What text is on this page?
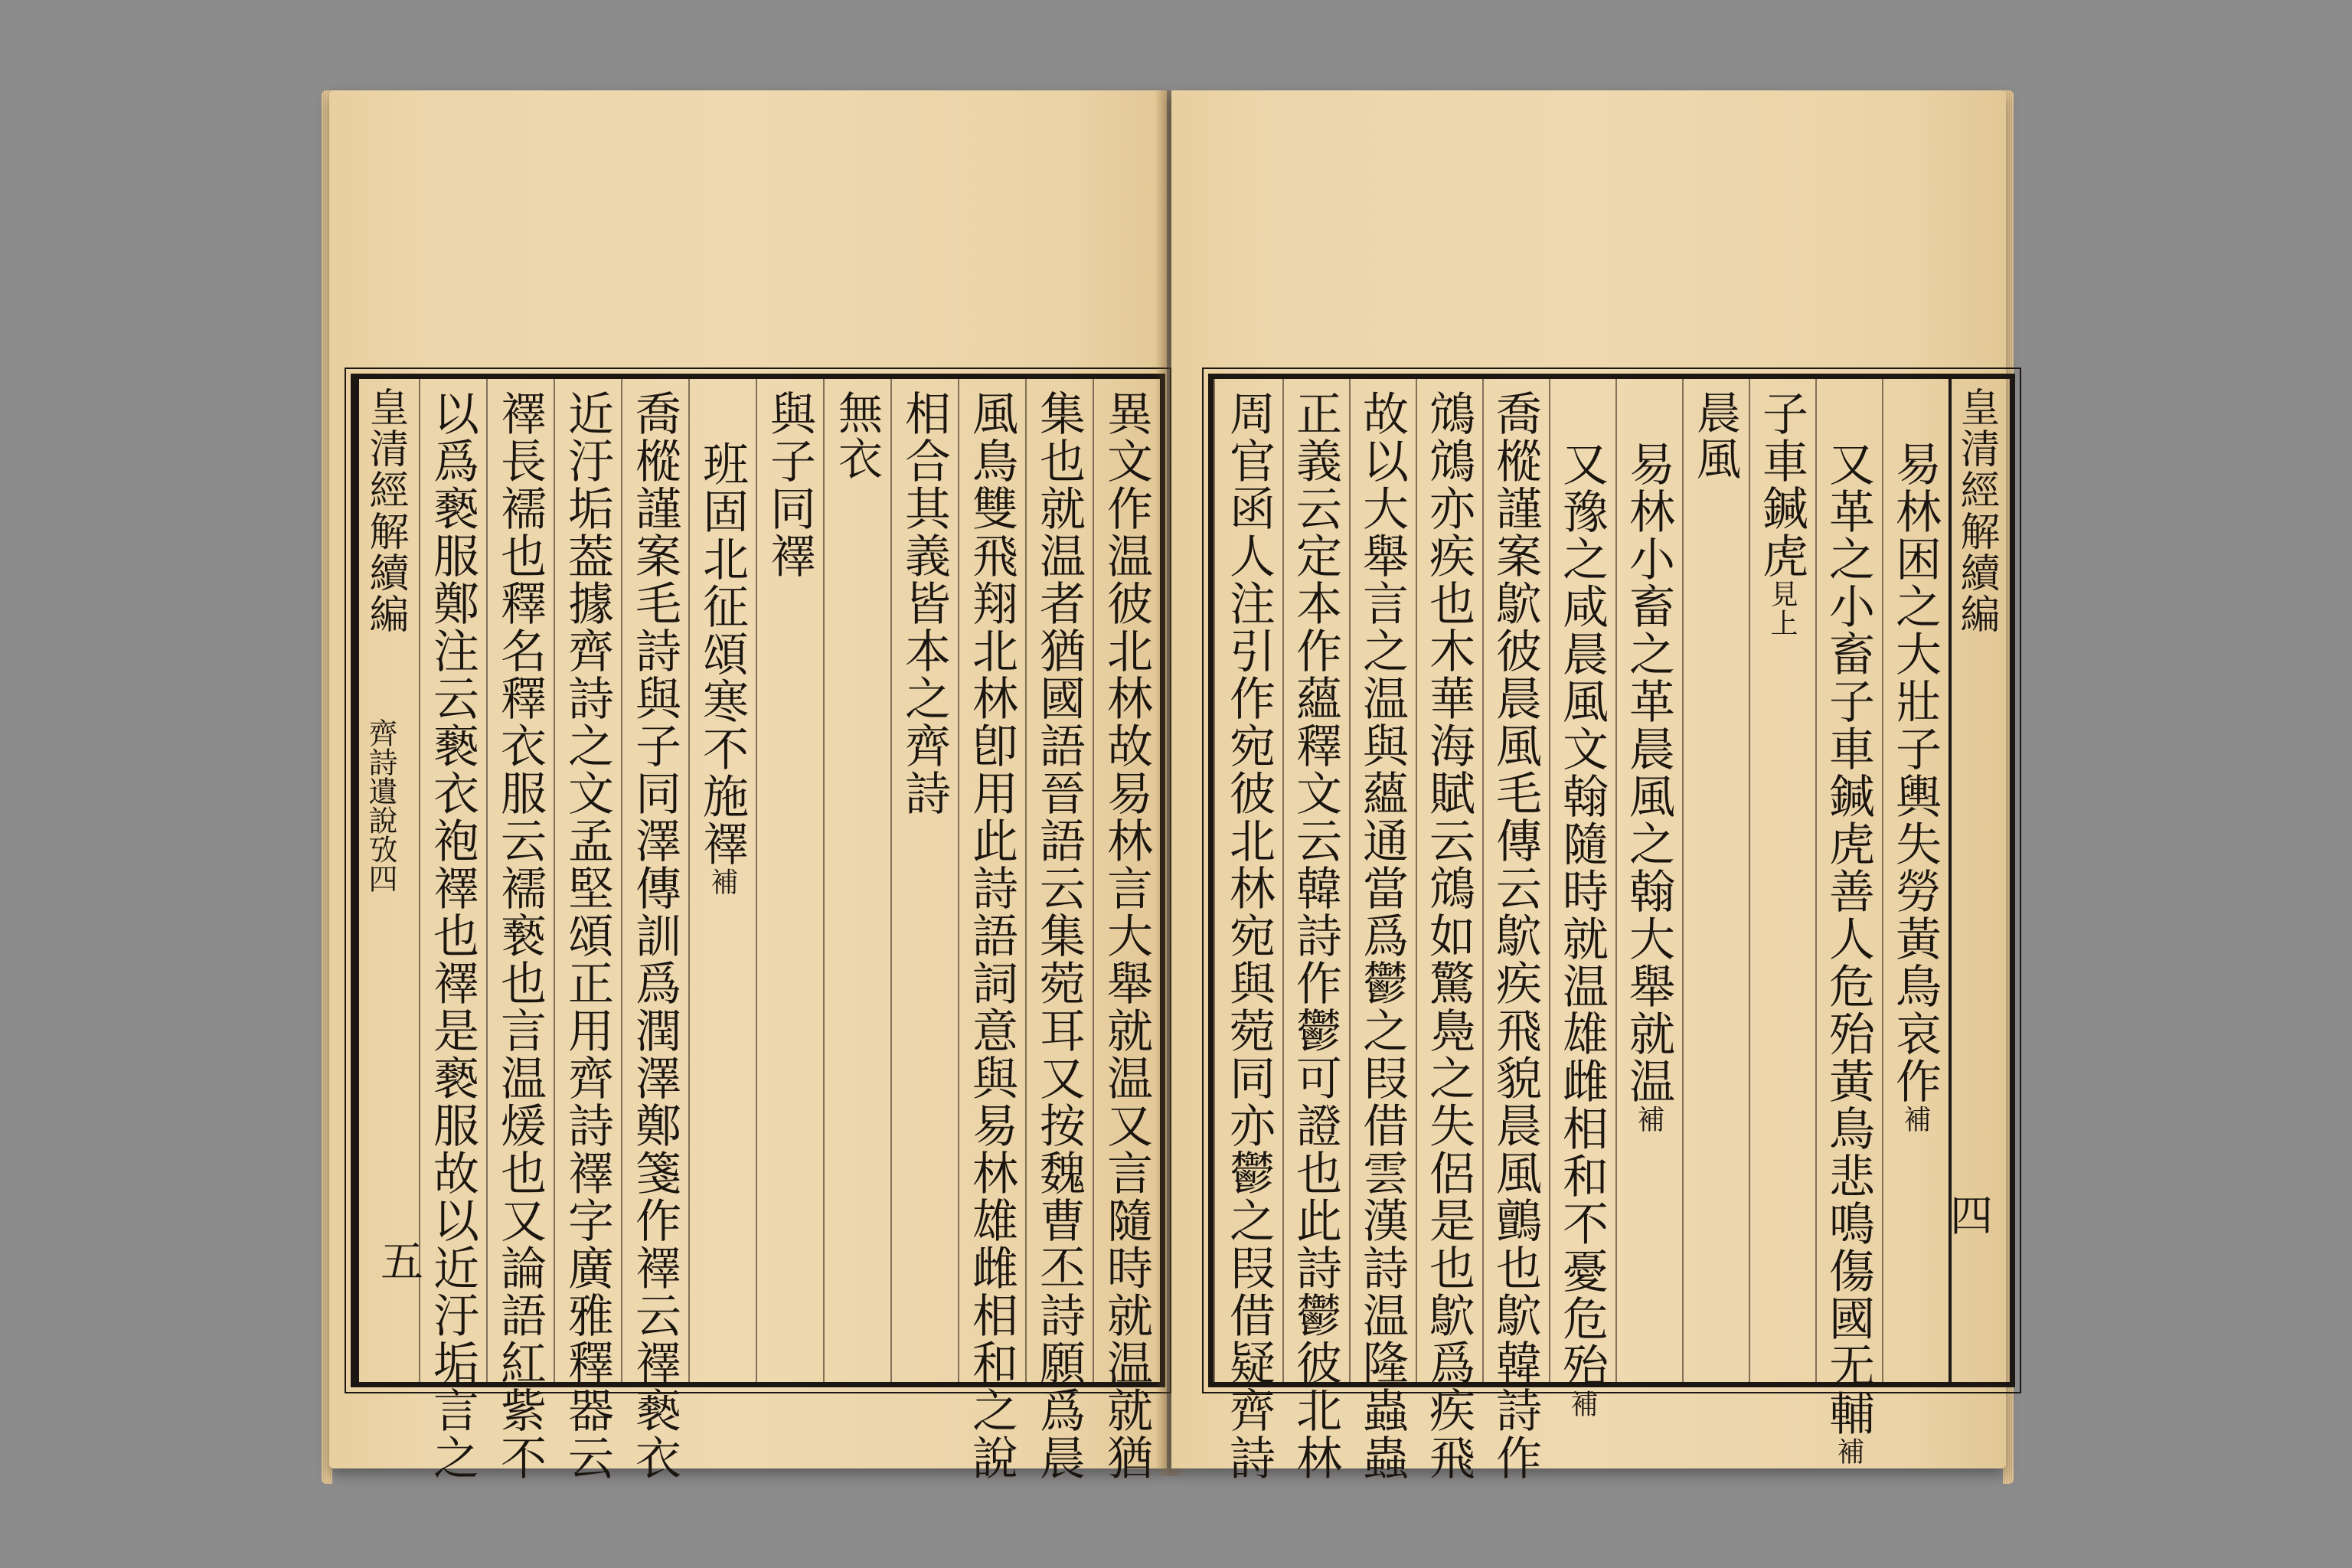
異文作温彼北林故易林言大舉就温又言隨時就温就猶
集也就温者猶國語晉語云集菀耳又按魏曹丕詩願爲晨
風鳥雙飛翔北林卽用此詩語詞意與易林雄雌相和之說
相合其義皆本之齊詩
無衣
與子同襗
班固北征頌寒不施襗補
喬樅謹案毛詩與子同澤傳訓爲潤澤鄭箋作襗云襗褻衣
近汙垢葢據齊詩之文孟堅頌正用齊詩襗字廣雅釋器云
襗長襦也釋名釋衣服云襦䙝也言温煖也又論語紅紫不
以爲褻服鄭注云褻衣袍襗也襗是褻服故以近汙垢言之
皇清經解續編
齊詩遺說攷四
五
皇清經解續編
易林困之大壯子輿失勞黃鳥哀作補
又革之小畜子車鍼虎善人危殆黃鳥悲鳴傷國无輔補
子車鍼虎見上
晨風
易林小畜之革晨風之翰大舉就温補
又豫之咸晨風文翰隨時就温雄雌相和不憂危殆補
喬樅謹案鴥彼晨風毛傳云鴥疾飛貌晨風鸇也鴥韓詩作
鴧鴧亦疾也木華海賦云鴧如驚鳧之失侶是也鴥爲疾飛
故以大舉言之温與蘊通當爲鬱之叚借雲漢詩温隆蟲蟲
正義云定本作蘊釋文云韓詩作鬱可證也此詩鬱彼北林
周官函人注引作宛彼北林宛與菀同亦鬱之叚借疑齊詩	四
